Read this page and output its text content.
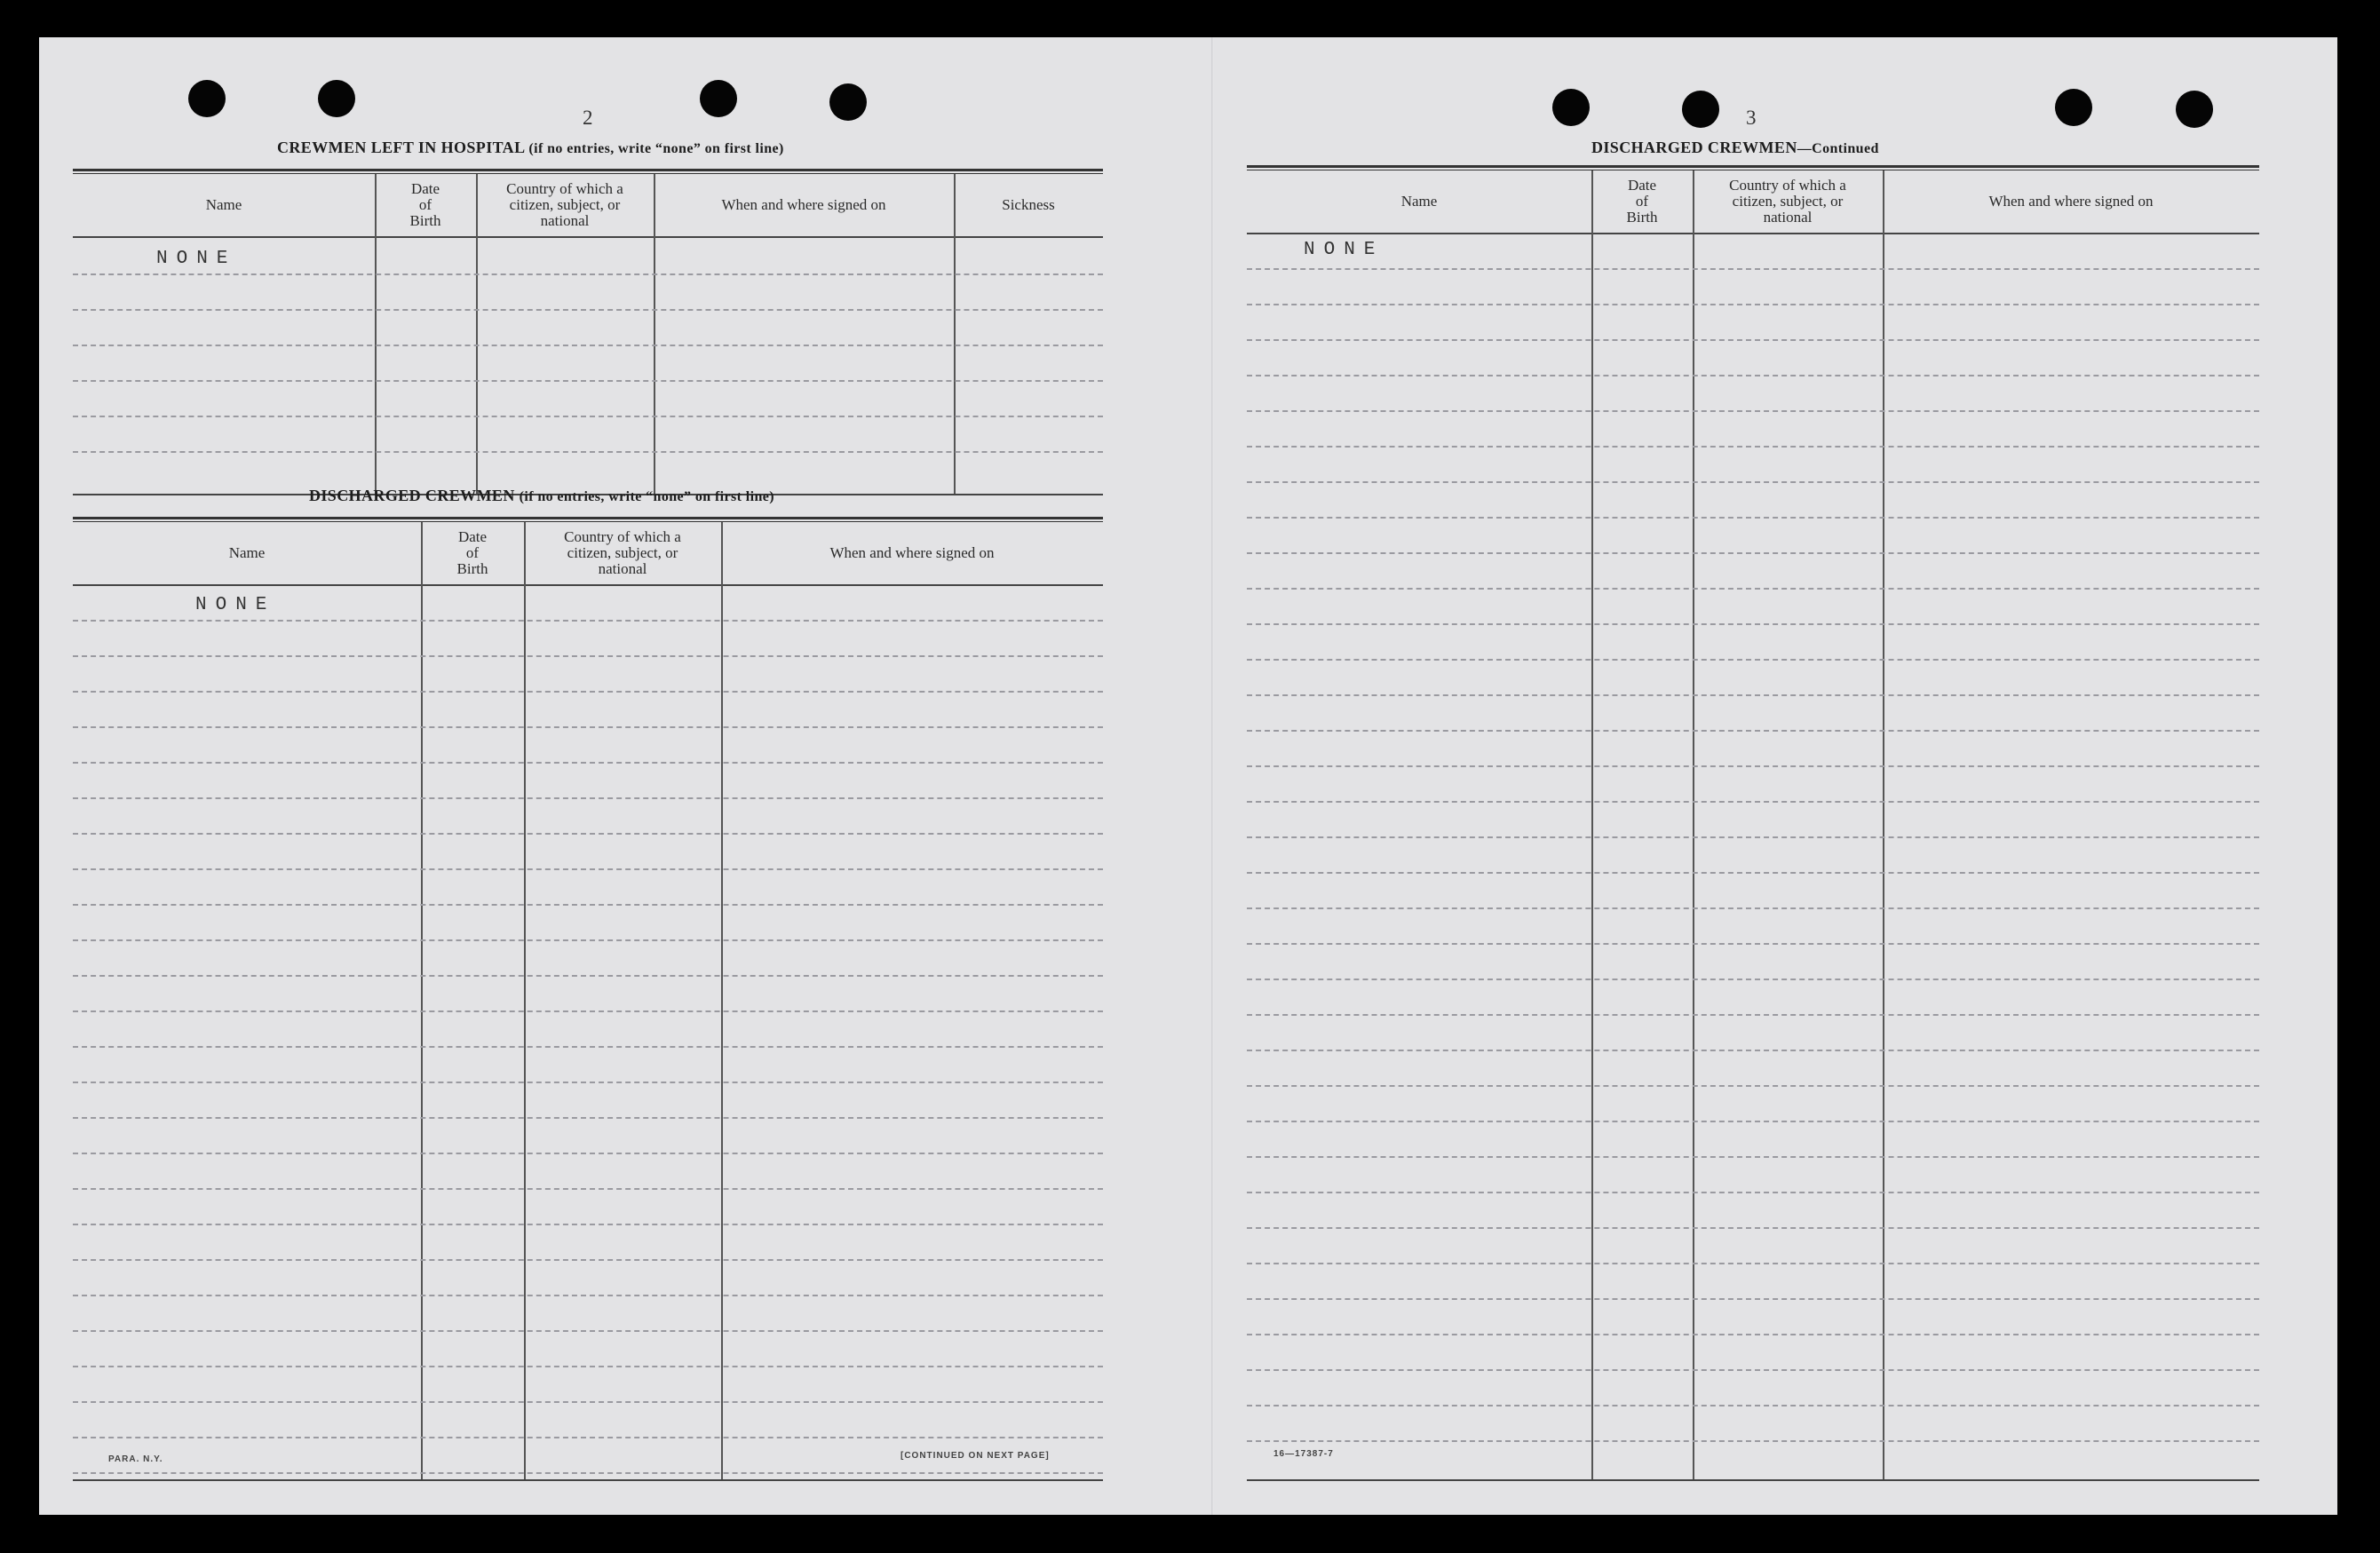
2
CREWMEN LEFT IN HOSPITAL (if no entries, write “none” on first line)
Name
Date
of
Birth
Country of which a
citizen, subject, or
national
When and where signed on	Sickness
NONE
DISCHARGED CREWMEN (if no entries, write “none” on first line)
Name
Date
of
Birth
Country of which a
citizen, subject, or
national
When and where signed on
NONE
PARA. N.Y.	[CONTINUED ON NEXT PAGE]
3
DISCHARGED CREWMEN—Continued
Name
Date
of
Birth
Country of which a
citizen, subject, or
national
When and where signed on
NONE
16—17387-7
